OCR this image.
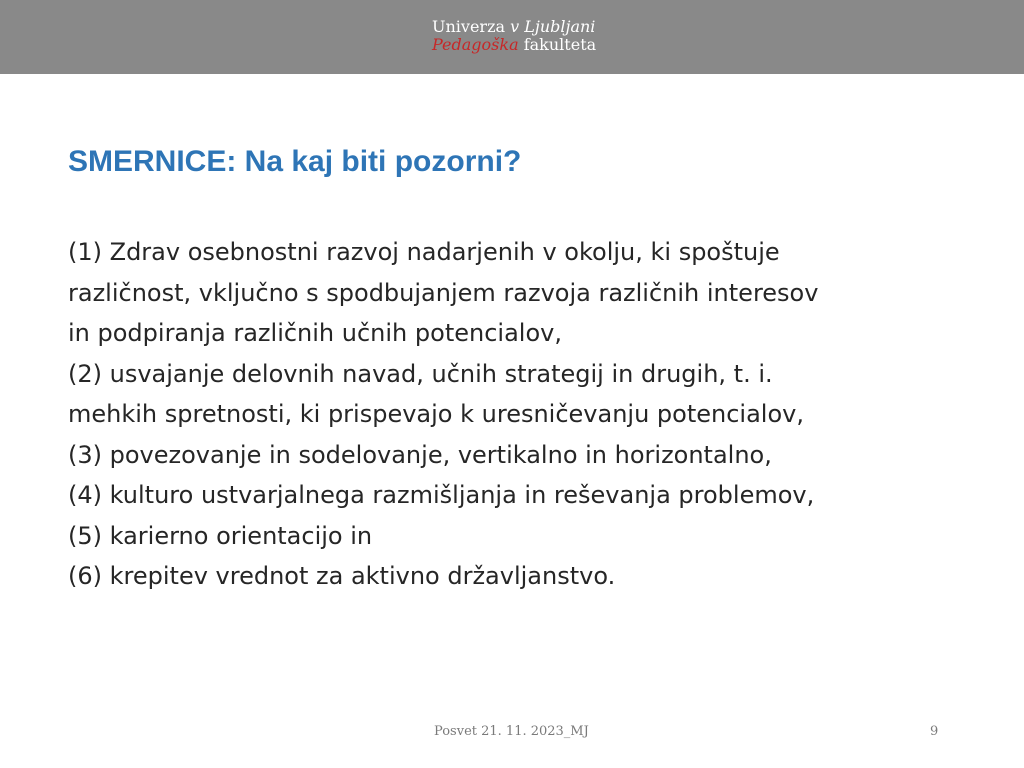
Univerza v Ljubljani
Pedagoška fakulteta
SMERNICE: Na kaj biti pozorni?
(1) Zdrav osebnostni razvoj nadarjenih v okolju, ki spoštuje
različnost, vključno s spodbujanjem razvoja različnih interesov
in podpiranja različnih učnih potencialov,
(2) usvajanje delovnih navad, učnih strategij in drugih, t. i.
mehkih spretnosti, ki prispevajo k uresničevanju potencialov,
(3) povezovanje in sodelovanje, vertikalno in horizontalno,
(4) kulturo ustvarjalnega razmišljanja in reševanja problemov,
(5) karierno orientacijo in
(6) krepitev vrednot za aktivno državljanstvo.
Posvet 21. 11. 2023_MJ	9
